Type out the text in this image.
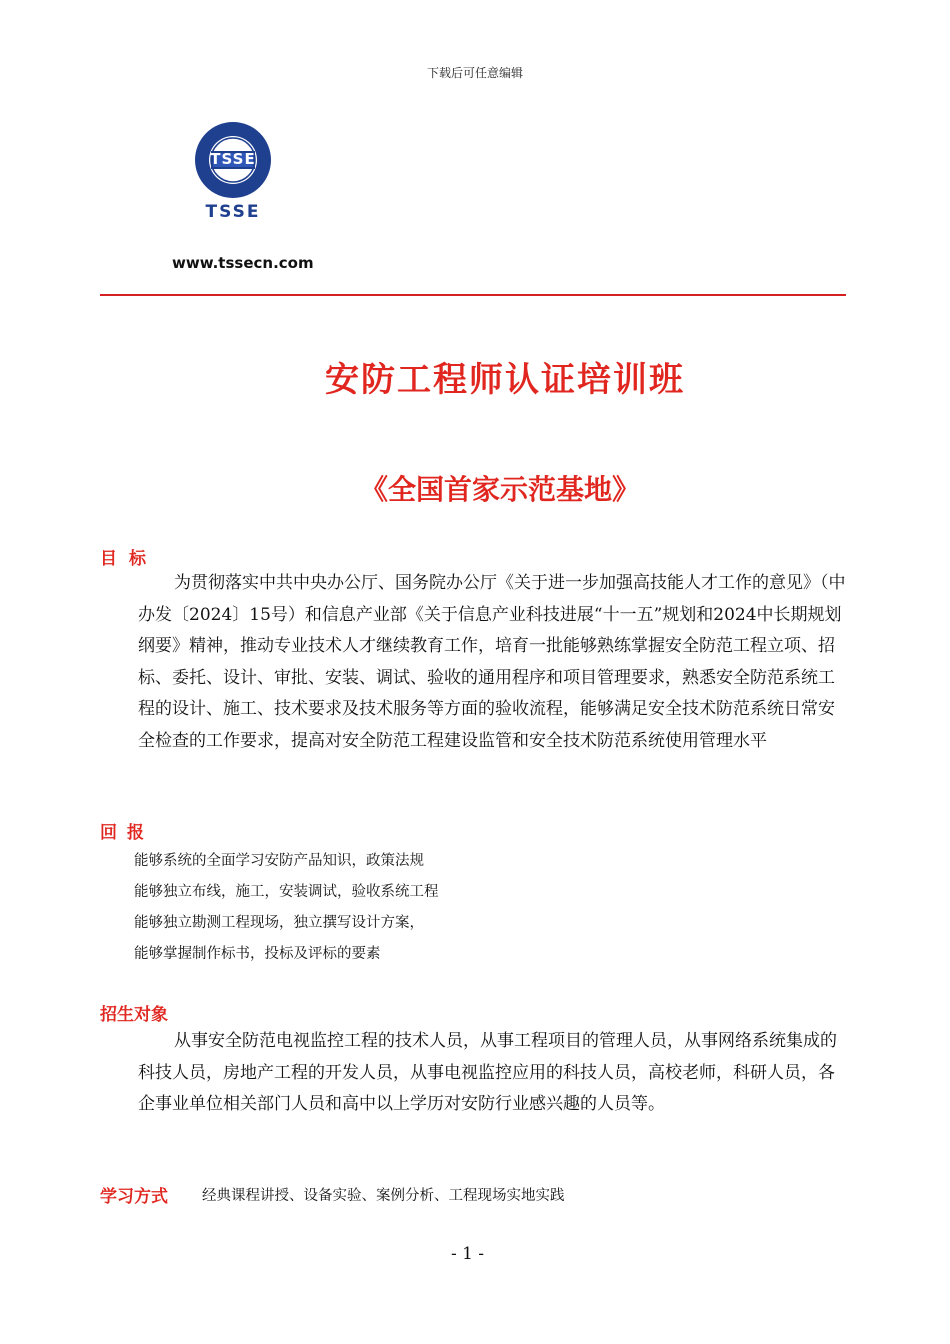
下载后可任意编辑
TSSE
TSSE
www.tssecn.com
安防工程师认证培训班
《全国首家示范基地》
目标
为贯彻落实中共中央办公厅、国务院办公厅《关于进一步加强高技能人才工作的意见》（中办发〔2024〕15号）和信息产业部《关于信息产业科技进展“十一五”规划和2024中长期规划纲要》精神，推动专业技术人才继续教育工作，培育一批能够熟练掌握安全防范工程立项、招标、委托、设计、审批、安装、调试、验收的通用程序和项目管理要求，熟悉安全防范系统工程的设计、施工、技术要求及技术服务等方面的验收流程，能够满足安全技术防范系统日常安全检查的工作要求，提高对安全防范工程建设监管和安全技术防范系统使用管理水平
回报
能够系统的全面学习安防产品知识，政策法规
能够独立布线，施工，安装调试，验收系统工程
能够独立勘测工程现场，独立撰写设计方案，
能够掌握制作标书，投标及评标的要素
招生对象
从事安全防范电视监控工程的技术人员，从事工程项目的管理人员，从事网络系统集成的科技人员，房地产工程的开发人员，从事电视监控应用的科技人员，高校老师，科研人员，各企事业单位相关部门人员和高中以上学历对安防行业感兴趣的人员等。
学习方式 经典课程讲授、设备实验、案例分析、工程现场实地实践
- 1 -
